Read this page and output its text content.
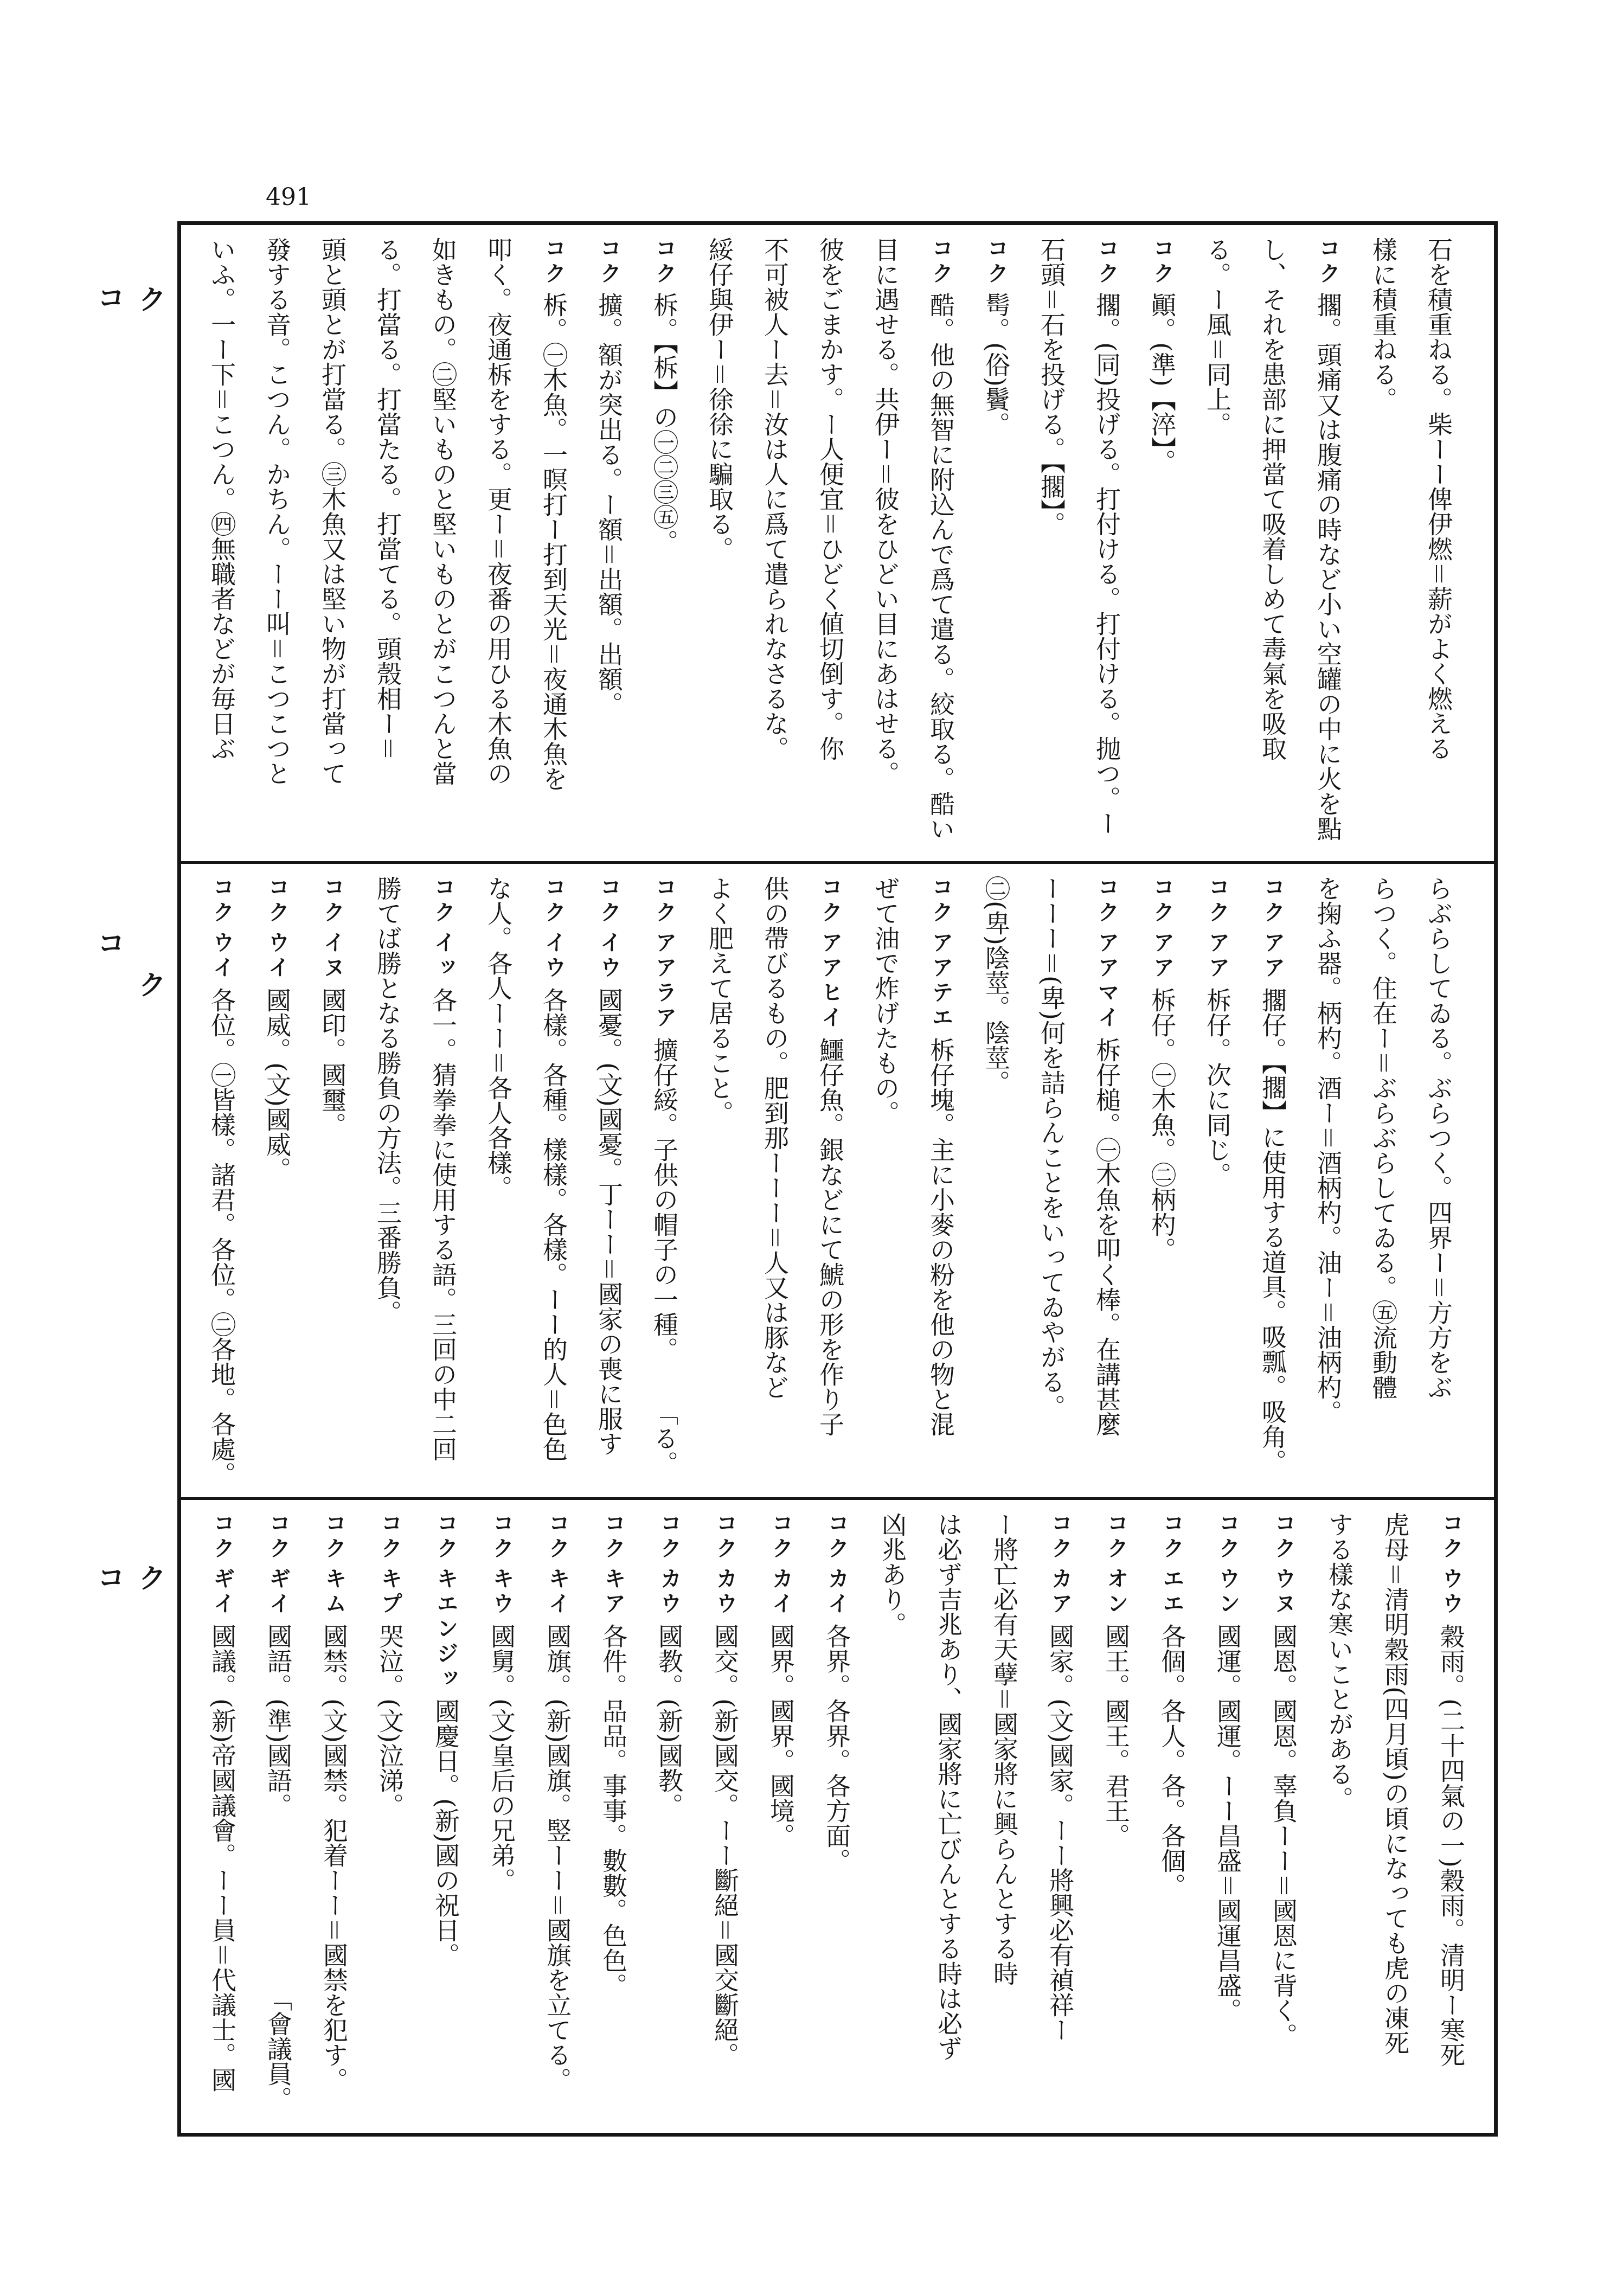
491
コ ク
コ
ク
コ ク
石を積重ねる。柴ーー俾伊燃＝薪がよく燃える
樣に積重ねる。
コク擱。頭痛又は腹痛の時など小い空罐の中に火を點
し、それを患部に押當て吸着しめて毒氣を吸取
る。ー風＝同上。
コク顚。(準)【淬】。
コク擱。(同)投げる。打付ける。打付ける。抛つ。ー
石頭＝石を投げる。【擱】。
コク髩。(俗)鬢。
コク酷。他の無智に附込んで爲て遣る。絞取る。酷い
目に遇せる。共伊ー＝彼をひどい目にあはせる。
彼をごまかす。ー人便宜＝ひどく値切倒す。你
不可被人ー去＝汝は人に爲て遣られなさるな。
綏仔與伊ー＝徐徐に騙取る。
コク柝。【柝】の㊀㊁㊂㊄。
コク擴。額が突出る。ー額＝出額。出額。
コク柝。㊀木魚。一暝打ー打到天光＝夜通木魚を
叩く。夜通柝をする。更ー＝夜番の用ひる木魚の
如きもの。㊁堅いものと堅いものとがこつんと當
る。打當る。打當たる。打當てる。頭殼相ー＝
頭と頭とが打當る。㊂木魚又は堅い物が打當って
發する音。こつん。かちん。ーー叫＝こつこつと
いふ。一ー下＝こつん。㊃無職者などが毎日ぶ
らぶらしてゐる。ぶらつく。四界ー＝方方をぶ
らつく。住在ー＝ぶらぶらしてゐる。㊄流動體
を掬ふ器。柄杓。酒ー＝酒柄杓。油ー＝油柄杓。
コクアア擱仔。【擱】に使用する道具。吸瓢。吸角。
コクアア柝仔。次に同じ。
コクアア柝仔。㊀木魚。㊁柄杓。
コクアアマイ柝仔槌。㊀木魚を叩く棒。在講甚麼
ーーー＝(卑)何を詰らんことをいってゐやがる。
㊁(卑)陰莖。陰莖。
コクアアテエ柝仔塊。主に小麥の粉を他の物と混
ぜて油で炸げたもの。
コクアアヒイ鱷仔魚。銀などにて鯱の形を作り子
供の帶びるもの。肥到那ーーー＝人又は豚など
よく肥えて居ること。
コクアアラア擴仔綏。子供の帽子の一種。
「る。
コクイウ國憂。(文)國憂。丁ーー＝國家の喪に服す
コクイウ各樣。各種。樣樣。各樣。ーー的人＝色色
な人。各人ーー＝各人各樣。
コクイッ各一。猜拳拳に使用する語。三回の中二回
勝てば勝となる勝負の方法。三番勝負。
コクイヌ國印。國璽。
コクウイ國威。(文)國威。
コクウイ各位。㊀皆樣。諸君。各位。㊁各地。各處。
コクウウ穀雨。(二十四氣の一)穀雨。清明ー寒死
虎母＝清明穀雨(四月頃)の頃になっても虎の凍死
する樣な寒いことがある。
コクウヌ國恩。國恩。辜負ーー＝國恩に背く。
コクウン國運。國運。ーー昌盛＝國運昌盛。
コクエエ各個。各人。各。各個。
コクオン國王。國王。君王。
コクカア國家。(文)國家。ーー將興必有禎祥ー
ー將亡必有天孽＝國家將に興らんとする時
は必ず吉兆あり、國家將に亡びんとする時は必ず
凶兆あり。
コクカイ各界。各界。各方面。
コクカイ國界。國界。國境。
コクカウ國交。(新)國交。ーー斷絕＝國交斷絕。
コクカウ國教。(新)國教。
コクキア各件。品品。事事。數數。色色。
コクキイ國旗。(新)國旗。竪ーー＝國旗を立てる。
コクキウ國舅。(文)皇后の兄弟。
コクキエンジッ國慶日。(新)國の祝日。
コクキプ哭泣。(文)泣涕。
コクキム國禁。(文)國禁。犯着ーー＝國禁を犯す。
コクギイ國語。(準)國語。
「會議員。
コクギイ國議。(新)帝國議會。ーー員＝代議士。國
